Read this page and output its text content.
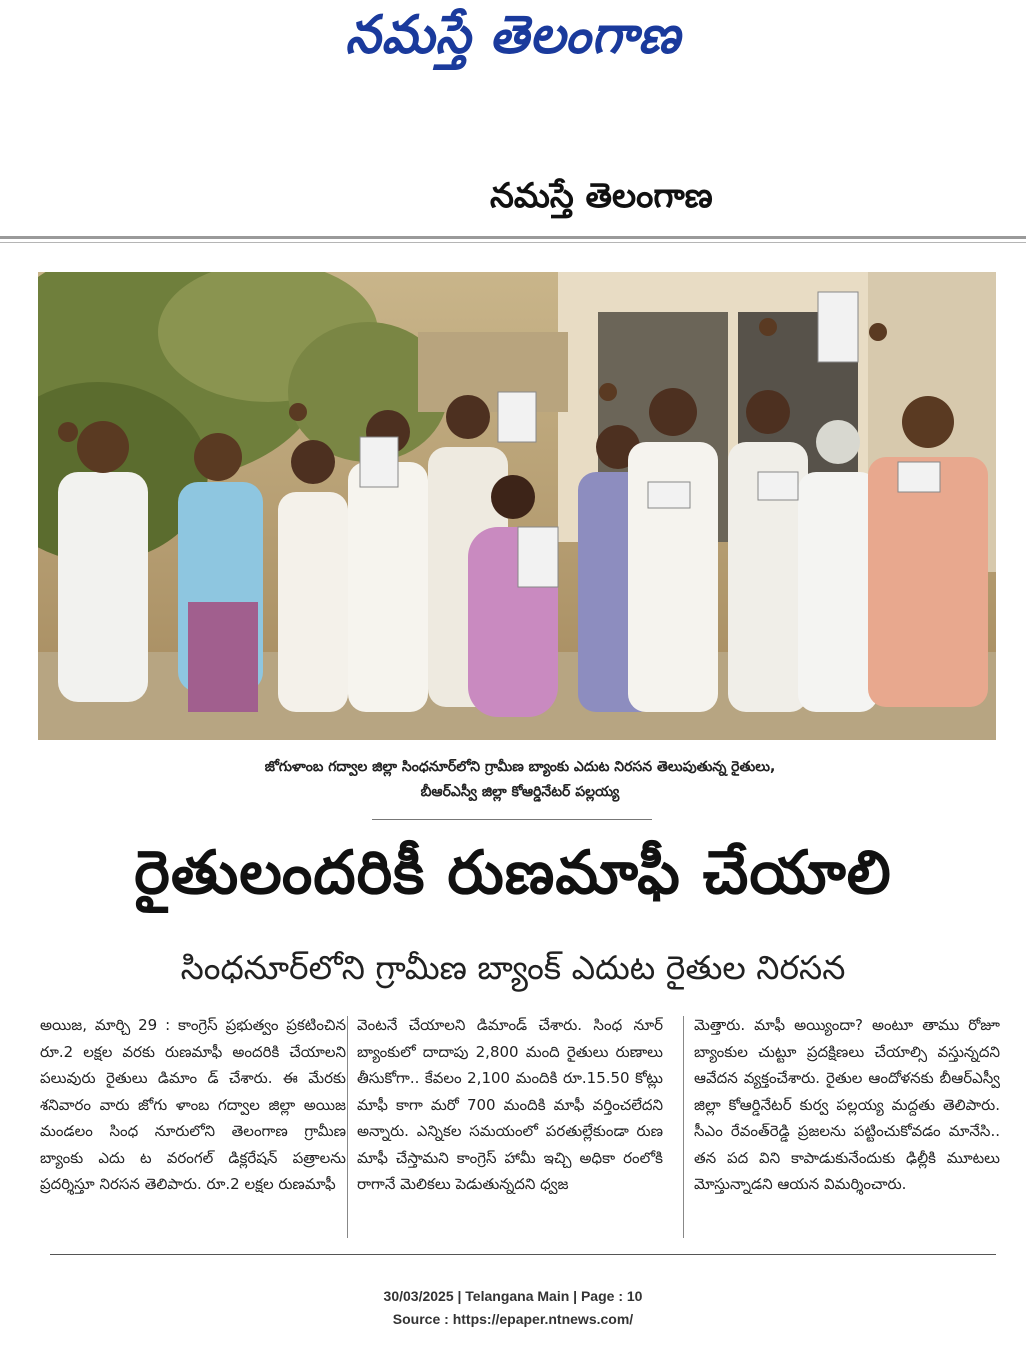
నమస్తే తెలంగాణ
నమస్తే తెలంగాణ
జోగుళాంబ గద్వాల జిల్లా సింధనూర్‌లోని గ్రామీణ బ్యాంకు ఎదుట నిరసన తెలుపుతున్న రైతులు,
బీఆర్‌ఎస్వీ జిల్లా కోఆర్డినేటర్ పల్లయ్య
రైతులందరికీ రుణమాఫీ చేయాలి
సింధనూర్‌లోని గ్రామీణ బ్యాంక్ ఎదుట రైతుల నిరసన
అయిజ, మార్చి 29 : కాంగ్రెస్ ప్రభుత్వం ప్రకటించిన రూ.2 లక్షల వరకు రుణమాఫీ అందరికి చేయాలని పలువురు రైతులు డిమాం డ్ చేశారు. ఈ మేరకు శనివారం వారు జోగు ళాంబ గద్వాల జిల్లా అయిజ మండలం సింధ నూరులోని తెలంగాణ గ్రామీణ బ్యాంకు ఎదు ట వరంగల్ డిక్లరేషన్ పత్రాలను ప్రదర్శిస్తూ నిరసన తెలిపారు. రూ.2 లక్షల రుణమాఫీ
వెంటనే చేయాలని డిమాండ్ చేశారు. సింధ నూర్ బ్యాంకులో దాదాపు 2,800 మంది రైతులు రుణాలు తీసుకోగా.. కేవలం 2,100 మందికి రూ.15.50 కోట్లు మాఫీ కాగా మరో 700 మందికి మాఫీ వర్తించలేదని అన్నారు. ఎన్నికల సమయంలో పరతుల్లేకుండా రుణ మాఫీ చేస్తామని కాంగ్రెస్ హామీ ఇచ్చి అధికా రంలోకి రాగానే మెలికలు పెడుతున్నదని ధ్వజ
మెత్తారు. మాఫీ అయ్యిందా? అంటూ తాము రోజూ బ్యాంకుల చుట్టూ ప్రదక్షిణలు చేయాల్సి వస్తున్నదని ఆవేదన వ్యక్తంచేశారు. రైతుల ఆందోళనకు బీఆర్‌ఎస్వీ జిల్లా కోఆర్డినేటర్ కుర్వ పల్లయ్య మద్దతు తెలిపారు. సీఎం రేవంత్‌రెడ్డి ప్రజలను పట్టించుకోవడం మానేసి.. తన పద విని కాపాడుకునేందుకు ఢిల్లీకి మూటలు మోస్తున్నాడని ఆయన విమర్శించారు.
30/03/2025 | Telangana Main | Page : 10
Source : https://epaper.ntnews.com/
